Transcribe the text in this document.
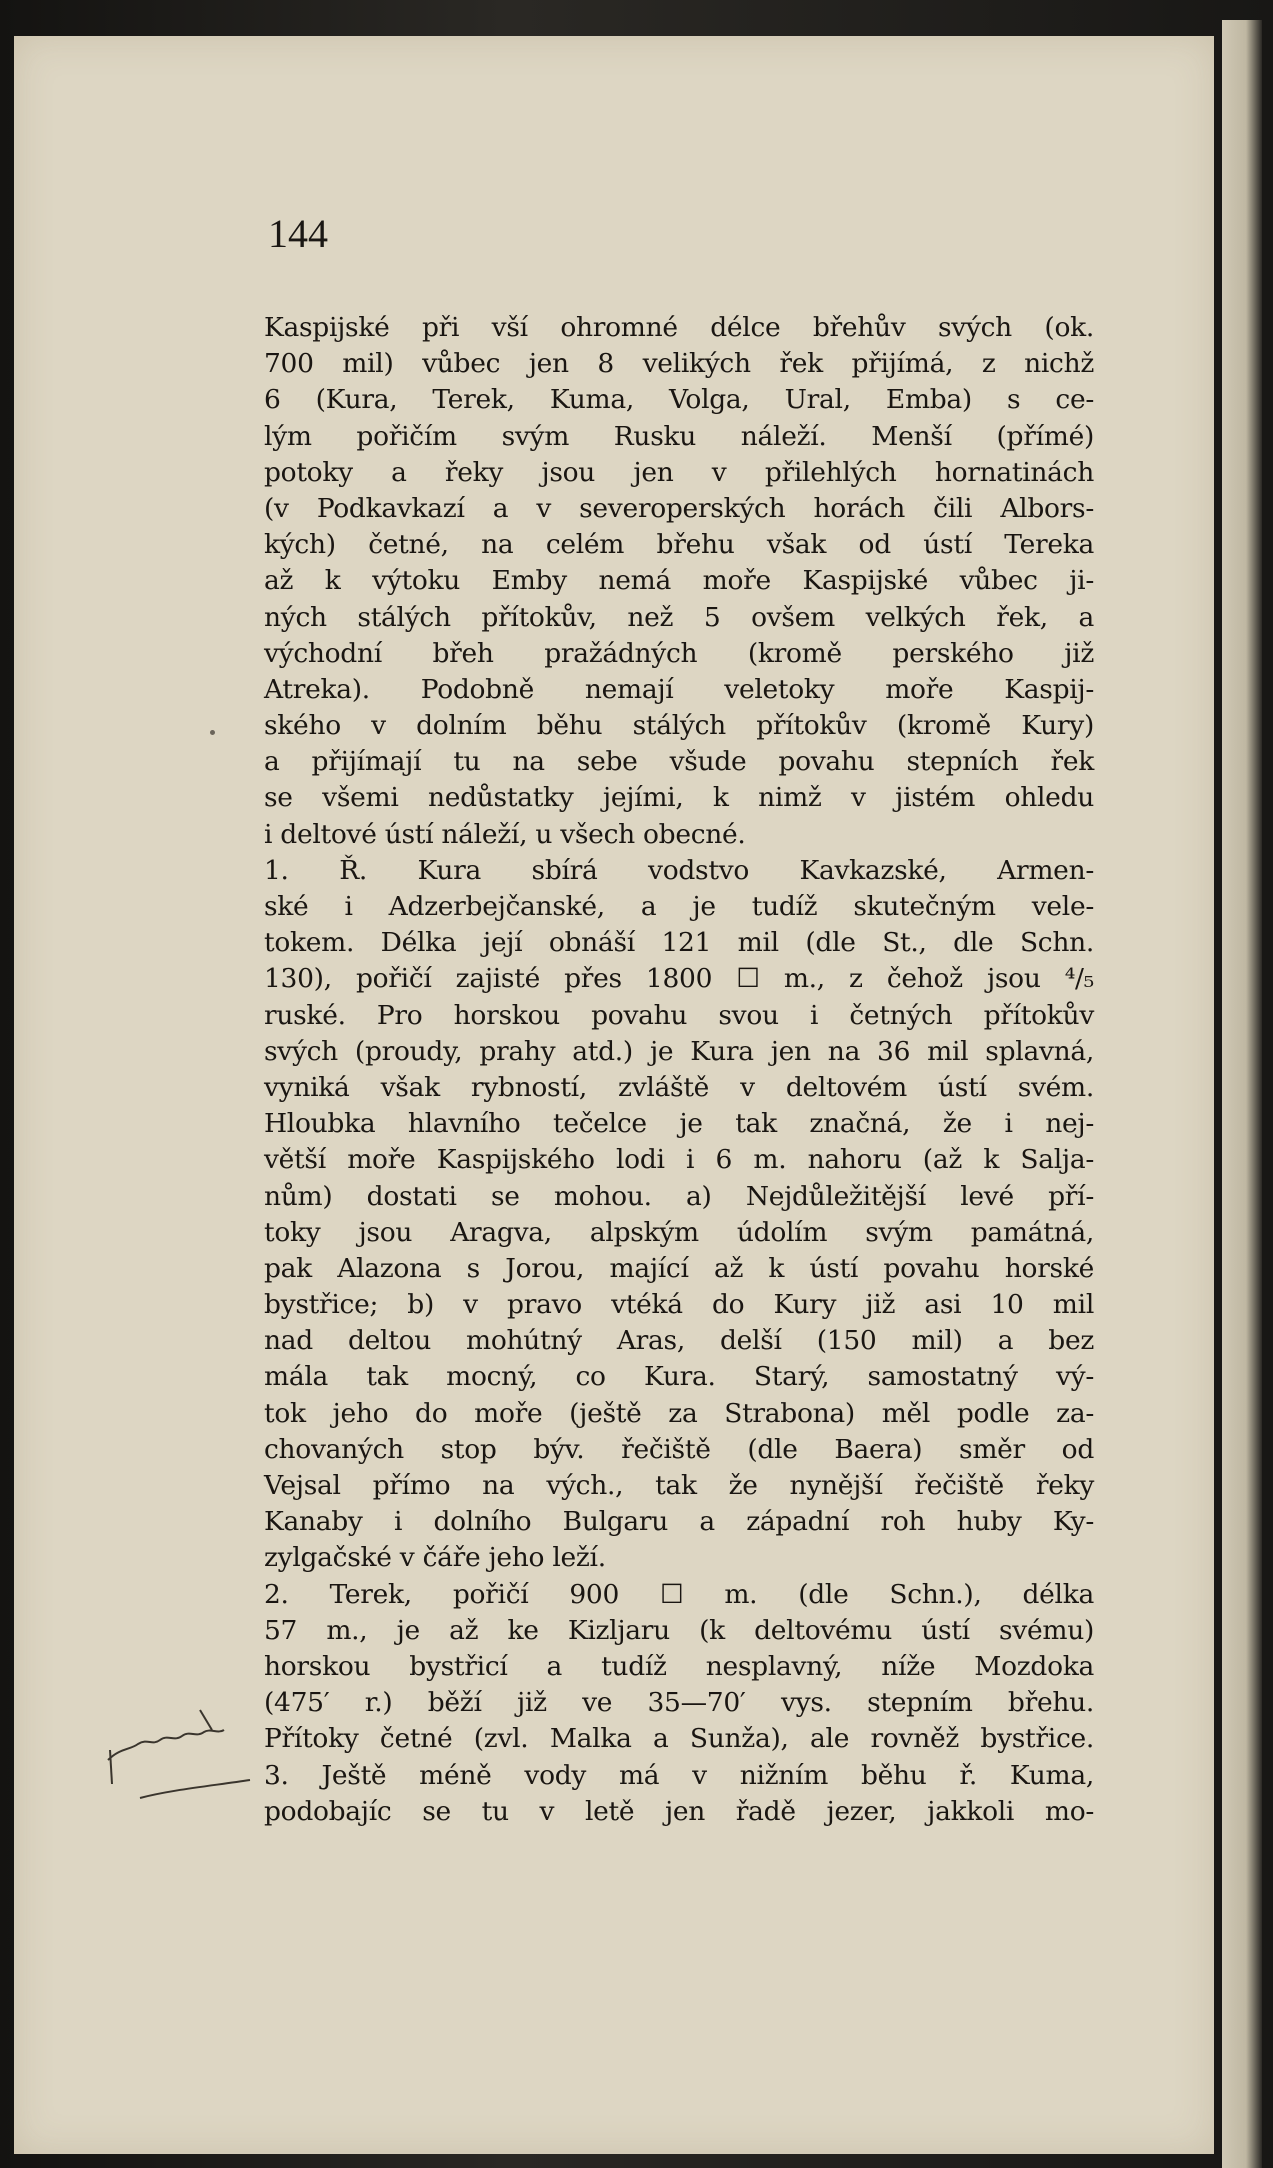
144

Kaspijské při vší ohromné délce břehův svých (ok.
700 mil) vůbec jen 8 velikých řek přijímá, z nichž
6 (Kura, Terek, Kuma, Volga, Ural, Emba) s ce-
lým pořičím svým Rusku náleží. Menší (přímé)
potoky a řeky jsou jen v přilehlých hornatinách
(v Podkavkazí a v severoperských horách čili Albors-
kých) četné, na celém břehu však od ústí Tereka
až k výtoku Emby nemá moře Kaspijské vůbec ji-
ných stálých přítokův, než 5 ovšem velkých řek, a
východní břeh pražádných (kromě perského již
Atreka). Podobně nemají veletoky moře Kaspij-
ského v dolním běhu stálých přítokův (kromě Kury)
a přijímají tu na sebe všude povahu stepních řek
se všemi nedůstatky jejími, k nimž v jistém ohledu
i deltové ústí náleží, u všech obecné.
1. Ř. Kura sbírá vodstvo Kavkazské, Armen-
ské i Adzerbejčanské, a je tudíž skutečným vele-
tokem. Délka její obnáší 121 mil (dle St., dle Schn.
130), pořičí zajisté přes 1800 ☐ m., z čehož jsou ⁴/₅
ruské. Pro horskou povahu svou i četných přítokův
svých (proudy, prahy atd.) je Kura jen na 36 mil splavná,
vyniká však rybností, zvláště v deltovém ústí svém.
Hloubka hlavního tečelce je tak značná, že i nej-
větší moře Kaspijského lodi i 6 m. nahoru (až k Salja-
nům) dostati se mohou. a) Nejdůležitější levé pří-
toky jsou Aragva, alpským údolím svým památná,
pak Alazona s Jorou, mající až k ústí povahu horské
bystřice; b) v pravo vtéká do Kury již asi 10 mil
nad deltou mohútný Aras, delší (150 mil) a bez
mála tak mocný, co Kura. Starý, samostatný vý-
tok jeho do moře (ještě za Strabona) měl podle za-
chovaných stop býv. řečiště (dle Baera) směr od
Vejsal přímo na vých., tak že nynější řečiště řeky
Kanaby i dolního Bulgaru a západní roh huby Ky-
zylgačské v čáře jeho leží.
2. Terek, pořičí 900 ☐ m. (dle Schn.), délka
57 m., je až ke Kizljaru (k deltovému ústí svému)
horskou bystřicí a tudíž nesplavný, níže Mozdoka
(475′ r.) běží již ve 35—70′ vys. stepním břehu.
Přítoky četné (zvl. Malka a Sunža), ale rovněž bystřice.
3. Ještě méně vody má v nižním běhu ř. Kuma,
podobajíc se tu v letě jen řadě jezer, jakkoli mo-
